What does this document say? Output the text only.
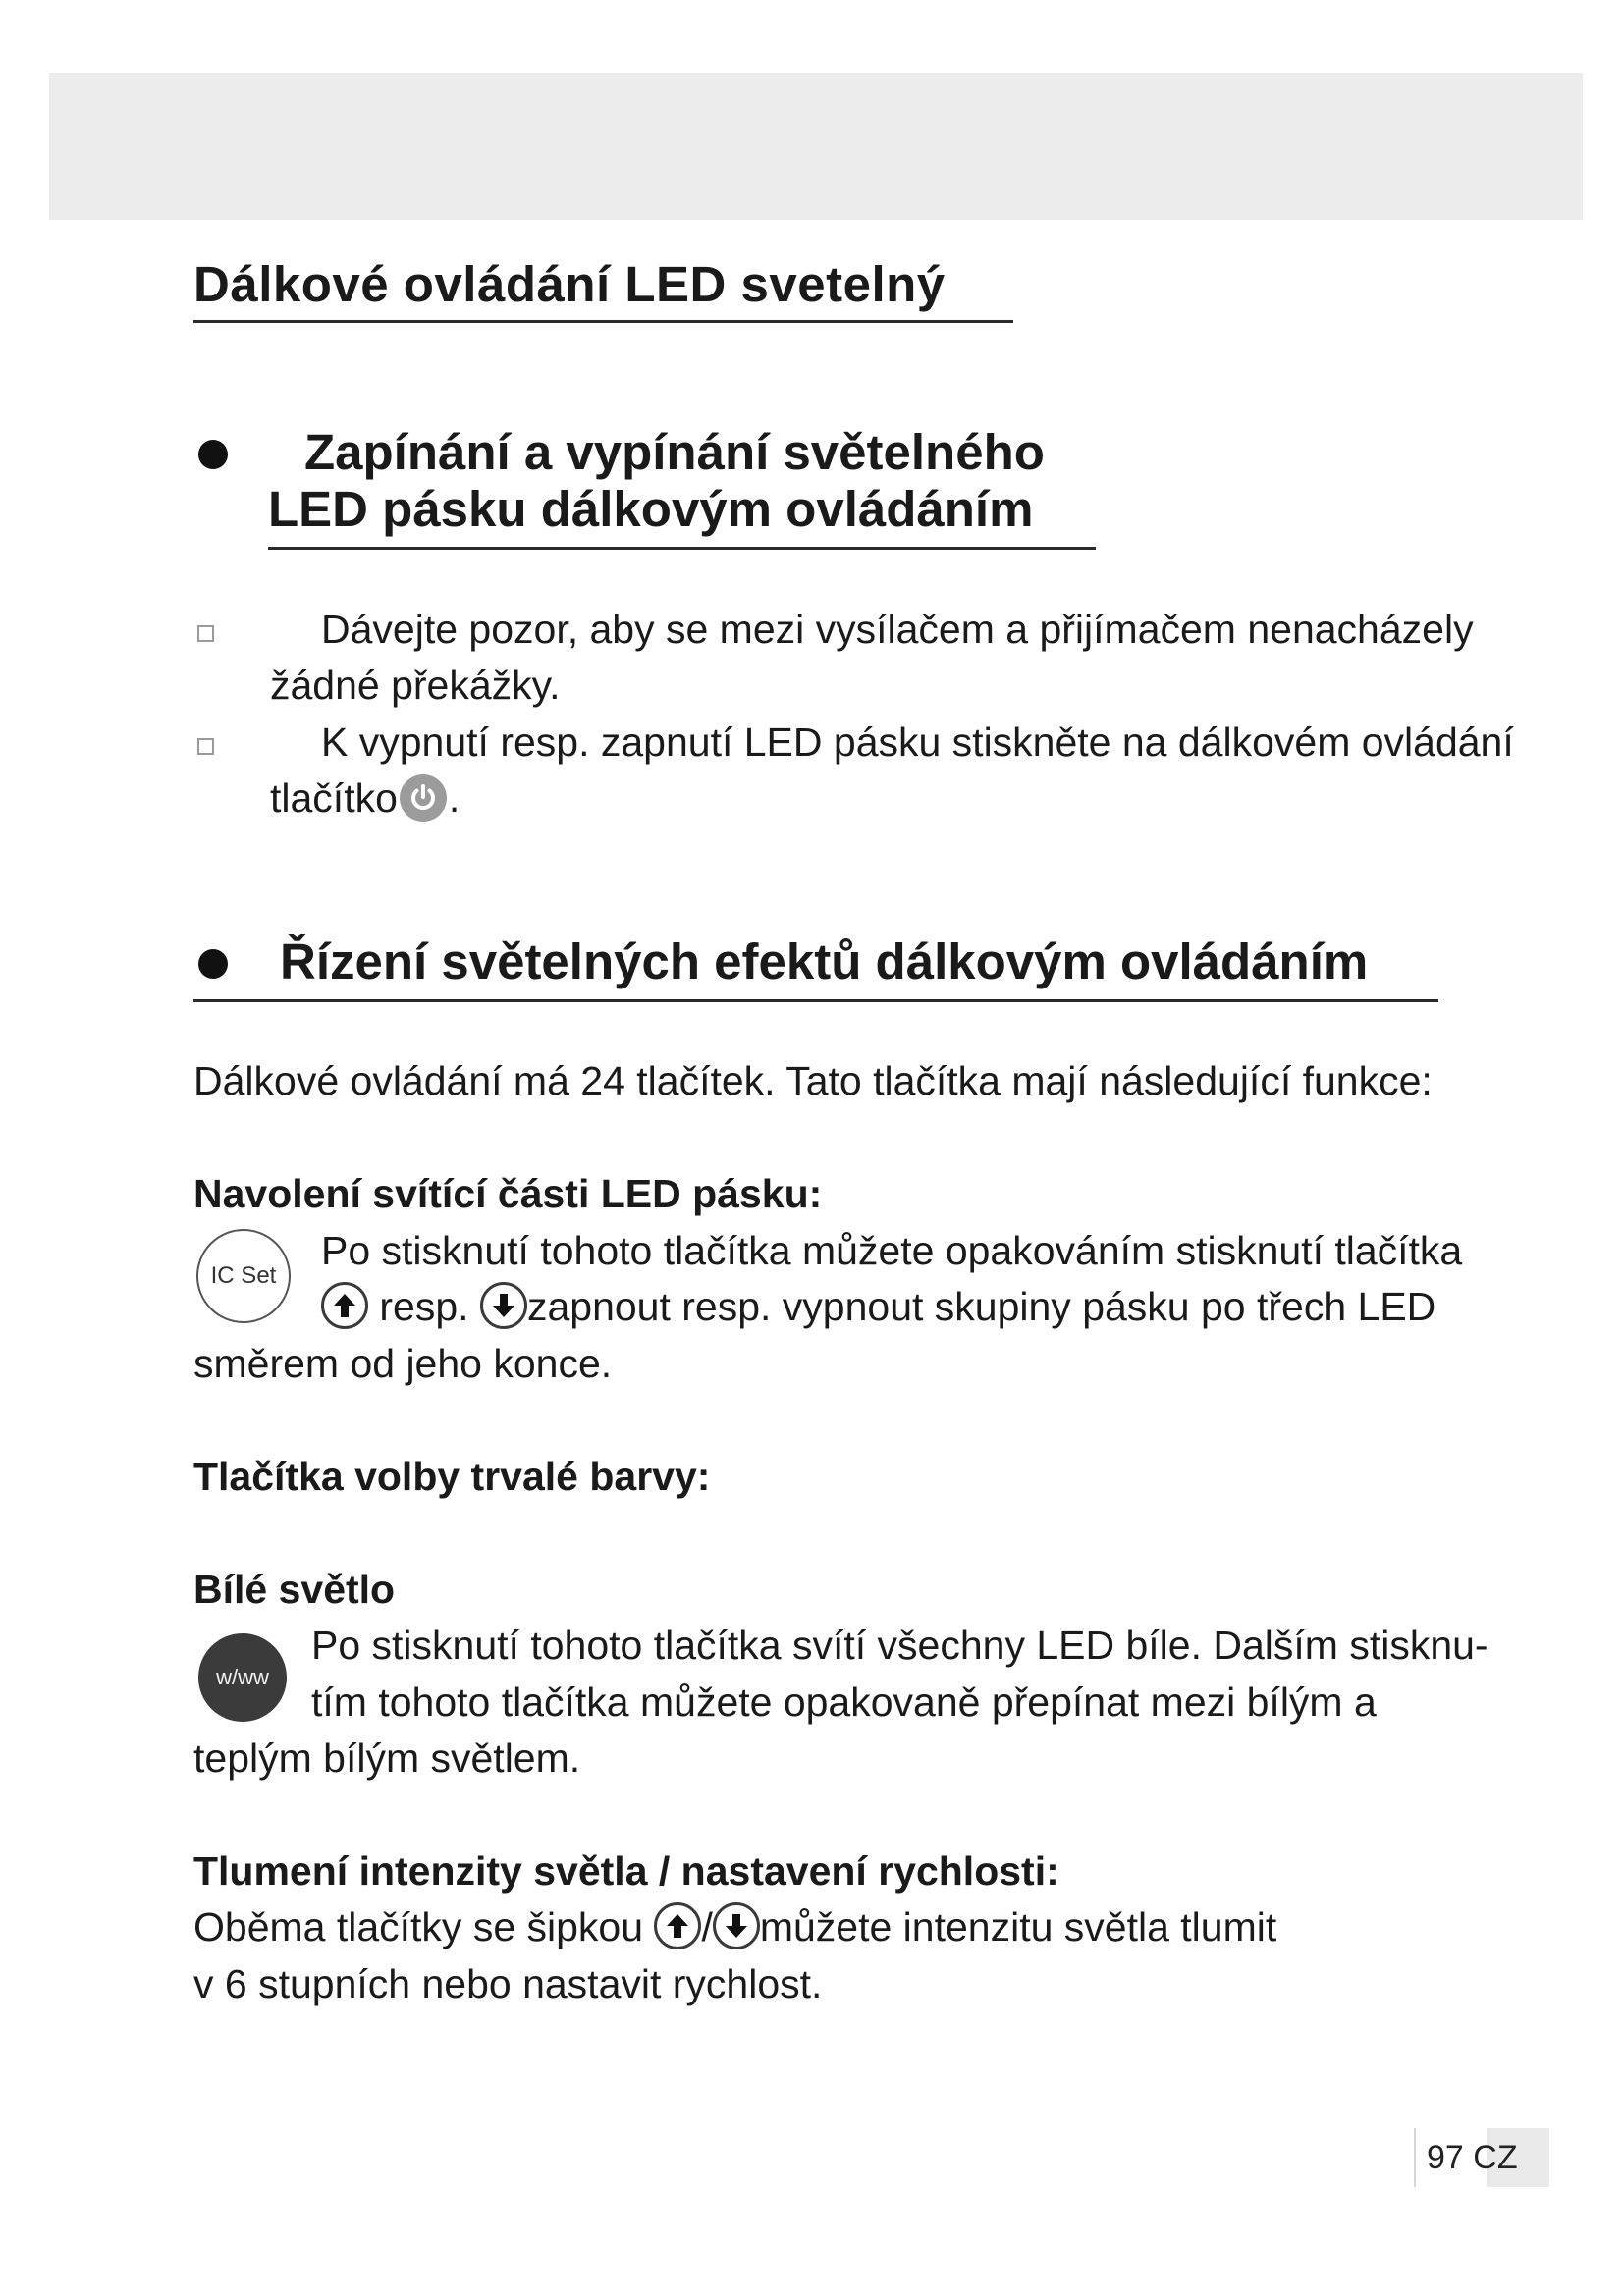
Dálkové ovládání LED svetelný
Zapínání a vypínání světelného
LED pásku dálkovým ovládáním

Dávejte pozor, aby se mezi vysílačem a přijímačem nenacházely

žádné překážky.

K vypnutí resp. zapnutí LED pásku stiskněte na dálkovém ovládání

tlačítko .

Řízení světelných efektů dálkovým ovládáním

Dálkové ovládání má 24 tlačítek. Tato tlačítka mají následující funkce:

Navolení svítící části LED pásku:

IC Set

Po stisknutí tohoto tlačítka můžete opakováním stisknutí tlačítka

resp. zapnout resp. vypnout skupiny pásku po třech LED

směrem od jeho konce.

Tlačítka volby trvalé barvy:

Bílé světlo

w/ww

Po stisknutí tohoto tlačítka svítí všechny LED bíle. Dalším stisknu-

tím tohoto tlačítka můžete opakovaně přepínat mezi bílým a

teplým bílým světlem.

Tlumení intenzity světla / nastavení rychlosti:

Oběma tlačítky se šipkou / můžete intenzitu světla tlumit

v 6 stupních nebo nastavit rychlost.

97 CZ
